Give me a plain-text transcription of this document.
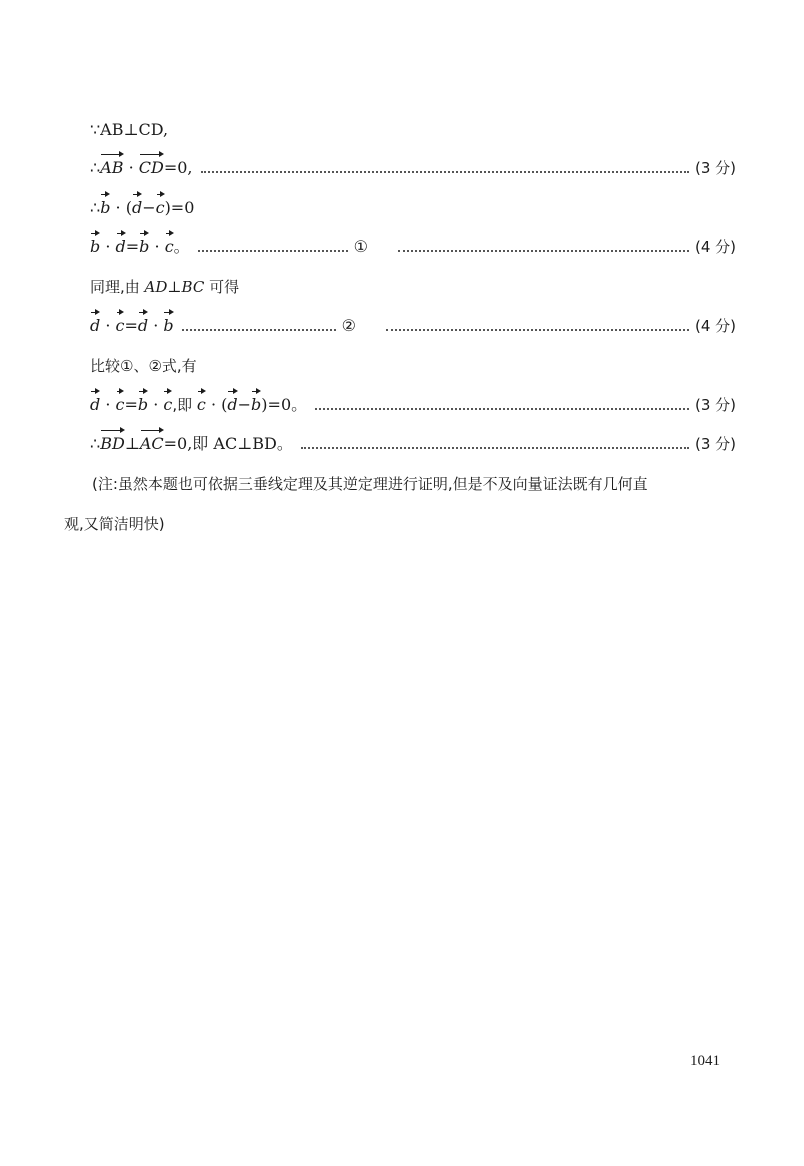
∵AB⊥CD,
∴AB · CD=0,	(3 分)
∴b · (d−c)=0
b · d=b · c。	①	(4 分)
同理,由 AD⊥BC 可得
d · c=d · b	②	(4 分)
比较①、②式,有
d · c=b · c,即 c · (d−b)=0。	(3 分)
∴BD⊥AC=0,即 AC⊥BD。	(3 分)
(注:虽然本题也可依据三垂线定理及其逆定理进行证明,但是不及向量证法既有几何直
观,又简洁明快)
1041
